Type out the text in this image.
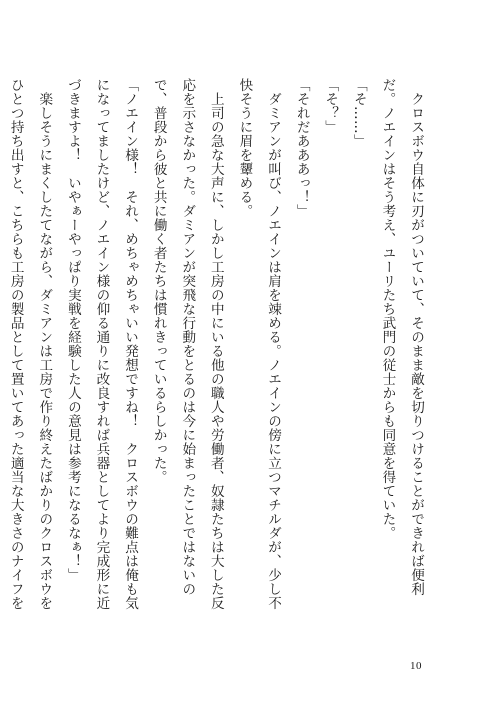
クロスボウ自体に刃がついていて、そのまま敵を切りつけることができれば便利だ。ノエインはそう考え、ユーリたち武門の従士からも同意を得ていた。

「そ……」

「そ？」

「それだあああっ！」

ダミアンが叫び、ノエインは肩を竦める。ノエインの傍に立つマチルダが、少し不快そうに眉を顰める。

上司の急な大声に、しかし工房の中にいる他の職人や労働者、奴隷たちは大した反応を示さなかった。ダミアンが突飛な行動をとるのは今に始まったことではないので、普段から彼と共に働く者たちは慣れきっているらしかった。

「ノエイン様！　それ、めちゃめちゃいい発想ですね！　クロスボウの難点は俺も気になってましたけど、ノエイン様の仰る通りに改良すれば兵器としてより完成形に近づきますよ！　いやぁーやっぱり実戦を経験した人の意見は参考になるなぁ！」

楽しそうにまくしたてながら、ダミアンは工房で作り終えたばかりのクロスボウをひとつ持ち出すと、こちらも工房の製品として置いてあった適当な大きさのナイフを

10
